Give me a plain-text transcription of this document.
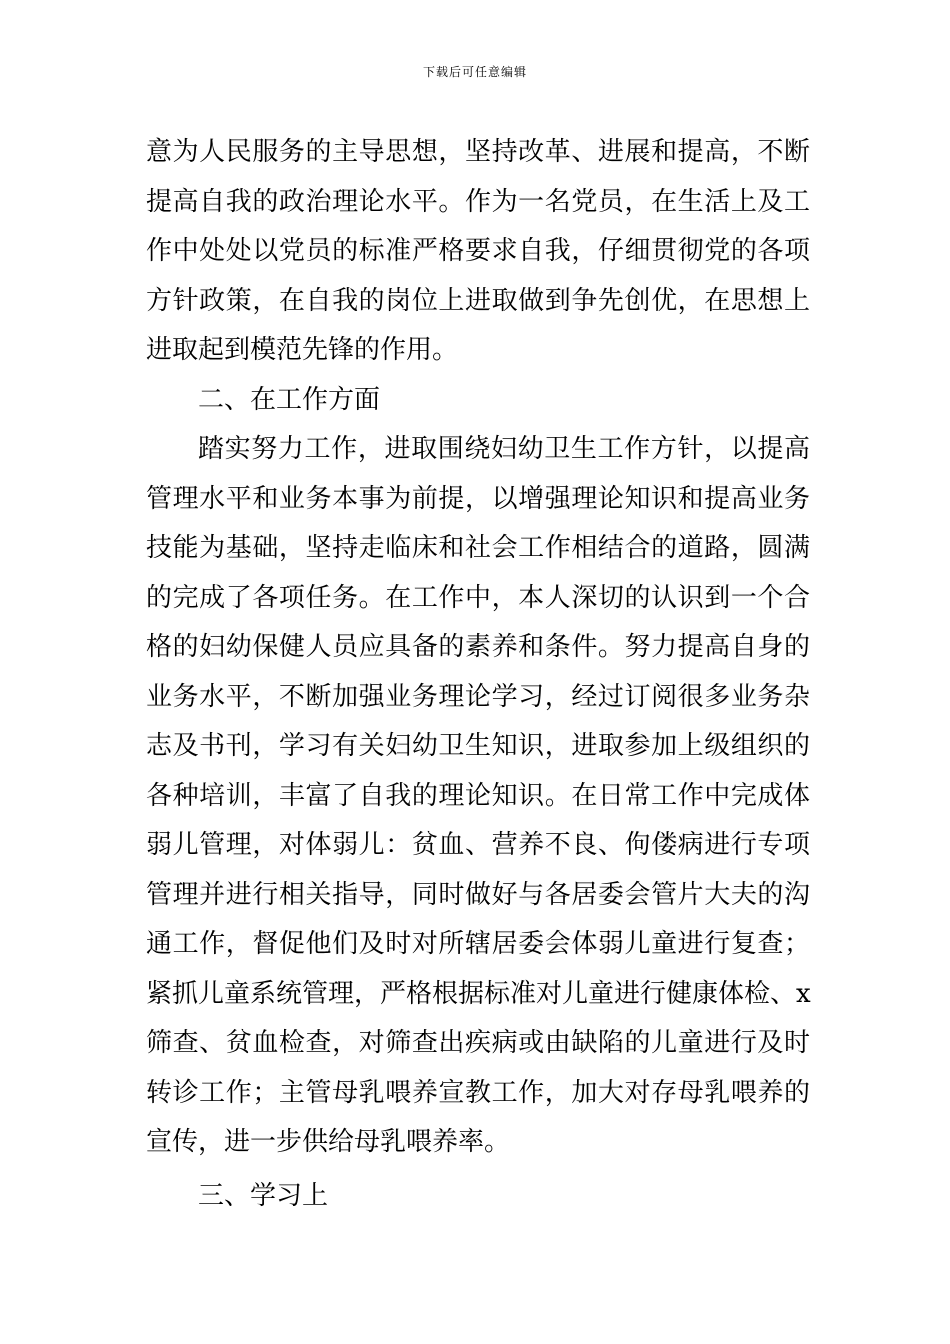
下载后可任意编辑
意为人民服务的主导思想，坚持改革、进展和提高，不断
提高自我的政治理论水平。作为一名党员，在生活上及工
作中处处以党员的标准严格要求自我，仔细贯彻党的各项
方针政策，在自我的岗位上进取做到争先创优，在思想上
进取起到模范先锋的作用。
二、在工作方面
踏实努力工作，进取围绕妇幼卫生工作方针，以提高
管理水平和业务本事为前提，以增强理论知识和提高业务
技能为基础，坚持走临床和社会工作相结合的道路，圆满
的完成了各项任务。在工作中，本人深切的认识到一个合
格的妇幼保健人员应具备的素养和条件。努力提高自身的
业务水平，不断加强业务理论学习，经过订阅很多业务杂
志及书刊，学习有关妇幼卫生知识，进取参加上级组织的
各种培训，丰富了自我的理论知识。在日常工作中完成体
弱儿管理，对体弱儿：贫血、营养不良、佝偻病进行专项
管理并进行相关指导，同时做好与各居委会管片大夫的沟
通工作，督促他们及时对所辖居委会体弱儿童进行复查；
紧抓儿童系统管理，严格根据标准对儿童进行健康体检、x
筛查、贫血检查，对筛查出疾病或由缺陷的儿童进行及时
转诊工作；主管母乳喂养宣教工作，加大对存母乳喂养的
宣传，进一步供给母乳喂养率。
三、学习上
